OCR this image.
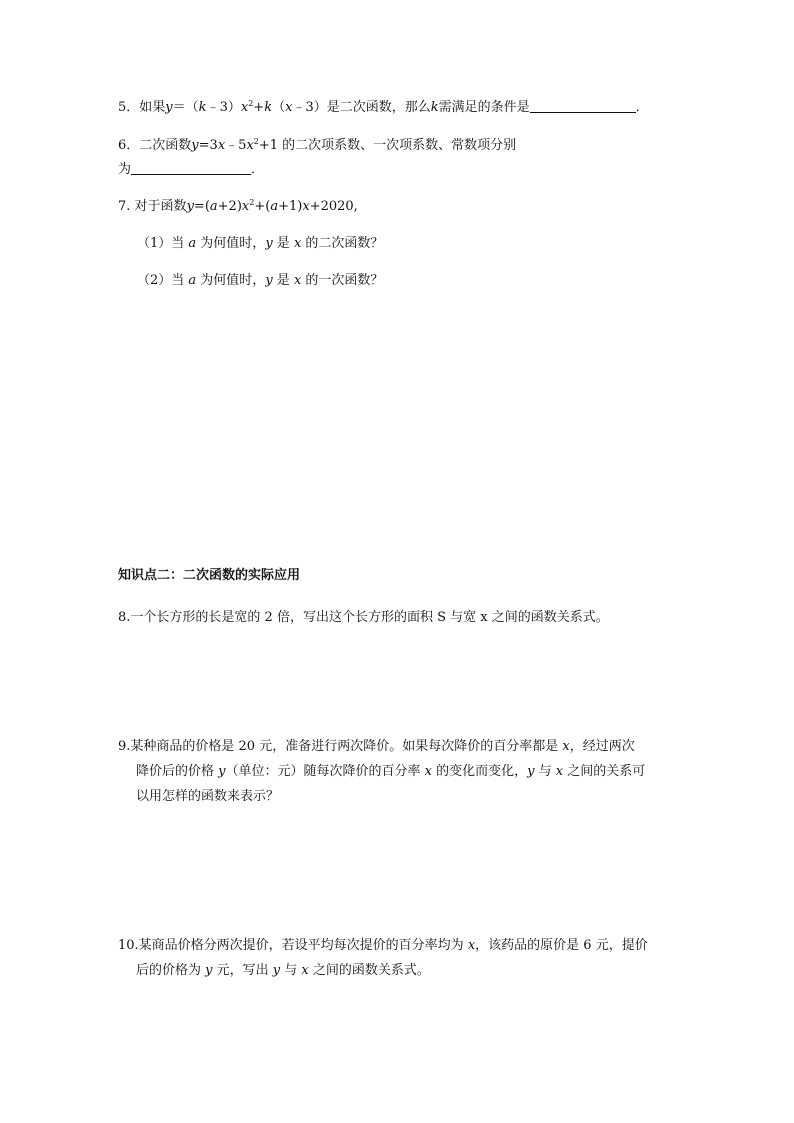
5．如果$y=(k﹣3)x^2+k(x﹣3)$是二次函数，那么k需满足的条件是	．
6．二次函数$y=3x﹣5x^2+1$ 的二次项系数、一次项系数、常数项分别
为	．
7. 对于函数$y=(a+2)x^2+(a+1)x+2020$,
（1）当 a 为何值时，y 是 x 的二次函数？
（2）当 a 为何值时，y 是 x 的一次函数？
知识点二：二次函数的实际应用
8.一个长方形的长是宽的 2 倍，写出这个长方形的面积 S 与宽 x 之间的函数关系式。
9.某种商品的价格是 20 元，准备进行两次降价。如果每次降价的百分率都是 x，经过两次
降价后的价格 y（单位：元）随每次降价的百分率 x 的变化而变化，y 与 x 之间的关系可
以用怎样的函数来表示？
10.某商品价格分两次提价，若设平均每次提价的百分率均为 x，该药品的原价是 6 元，提价
后的价格为 y 元，写出 y 与 x 之间的函数关系式。
